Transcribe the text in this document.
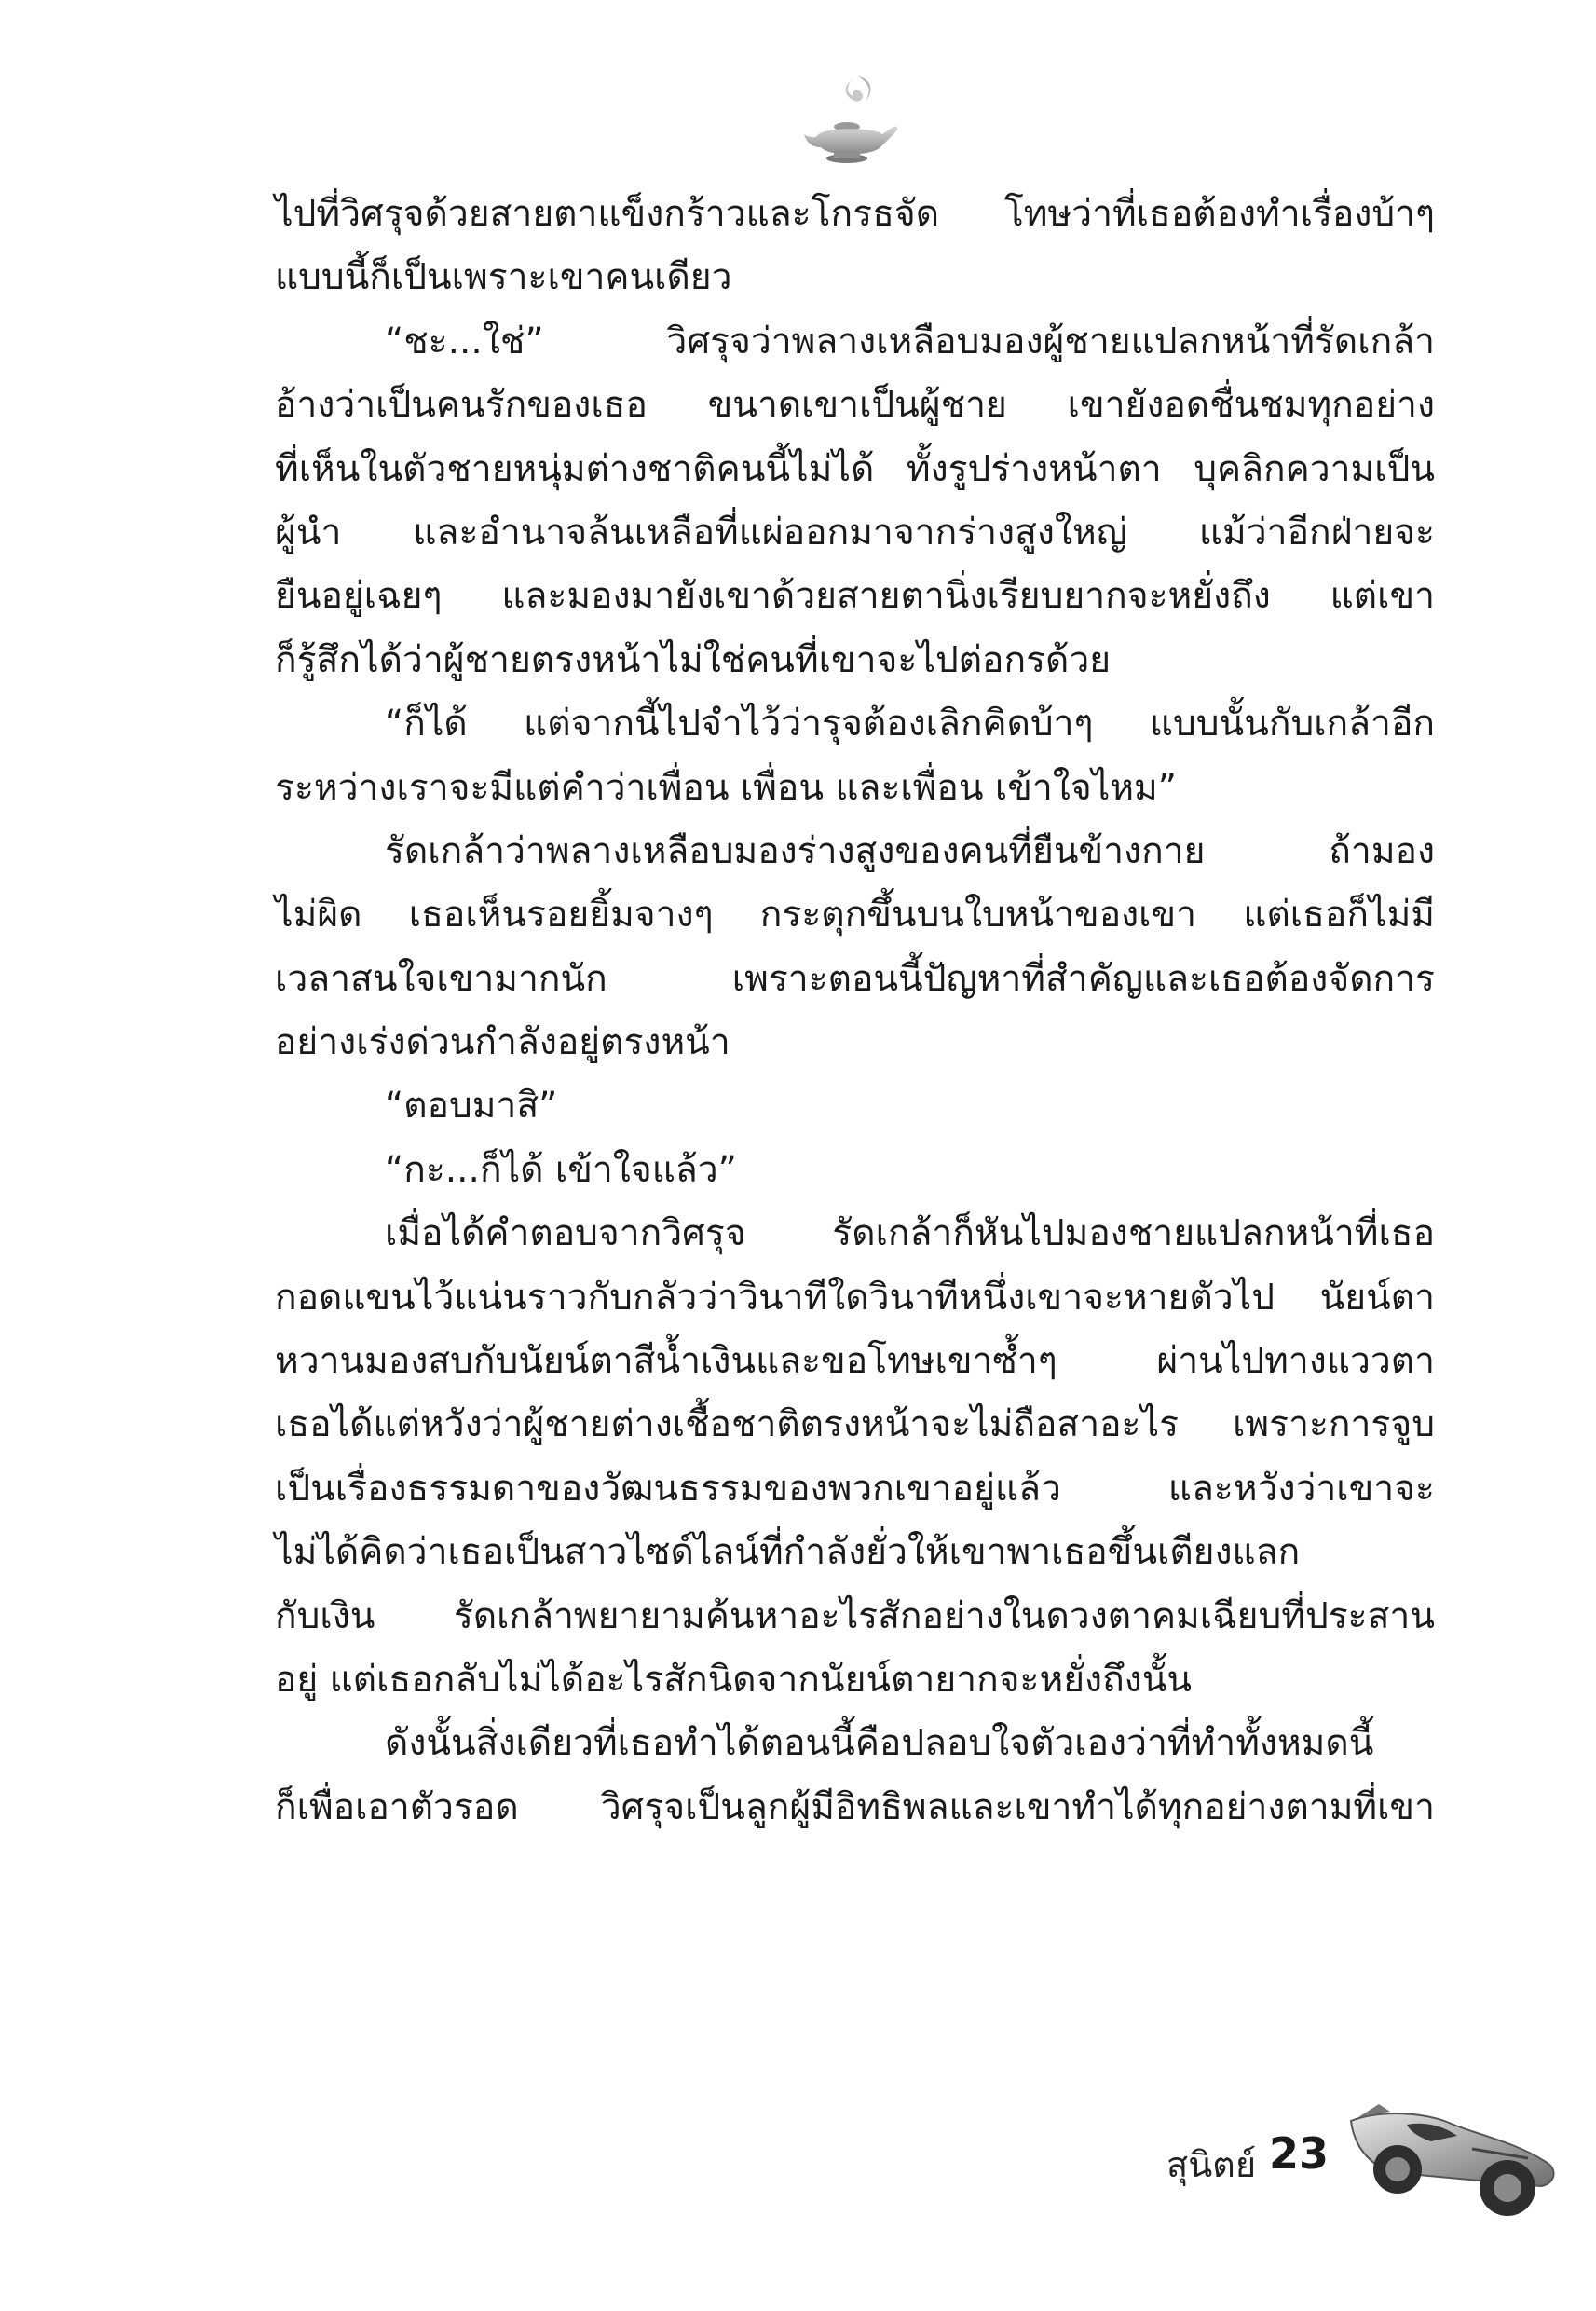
ไปที่วิศรุจด้วยสายตาแข็งกร้าวและโกรธจัด โทษว่าที่เธอต้องทำเรื่องบ้าๆ
แบบนี้ก็เป็นเพราะเขาคนเดียว
“ชะ...ใช่” วิศรุจว่าพลางเหลือบมองผู้ชายแปลกหน้าที่รัดเกล้า
อ้างว่าเป็นคนรักของเธอ ขนาดเขาเป็นผู้ชาย เขายังอดชื่นชมทุกอย่าง
ที่เห็นในตัวชายหนุ่มต่างชาติคนนี้ไม่ได้ ทั้งรูปร่างหน้าตา บุคลิกความเป็น
ผู้นำ และอำนาจล้นเหลือที่แผ่ออกมาจากร่างสูงใหญ่ แม้ว่าอีกฝ่ายจะ
ยืนอยู่เฉยๆ และมองมายังเขาด้วยสายตานิ่งเรียบยากจะหยั่งถึง แต่เขา
ก็รู้สึกได้ว่าผู้ชายตรงหน้าไม่ใช่คนที่เขาจะไปต่อกรด้วย
“ก็ได้ แต่จากนี้ไปจำไว้ว่ารุจต้องเลิกคิดบ้าๆ แบบนั้นกับเกล้าอีก
ระหว่างเราจะมีแต่คำว่าเพื่อน เพื่อน และเพื่อน เข้าใจไหม”
รัดเกล้าว่าพลางเหลือบมองร่างสูงของคนที่ยืนข้างกาย ถ้ามอง
ไม่ผิด เธอเห็นรอยยิ้มจางๆ กระตุกขึ้นบนใบหน้าของเขา แต่เธอก็ไม่มี
เวลาสนใจเขามากนัก เพราะตอนนี้ปัญหาที่สำคัญและเธอต้องจัดการ
อย่างเร่งด่วนกำลังอยู่ตรงหน้า
“ตอบมาสิ”
“กะ...ก็ได้ เข้าใจแล้ว”
เมื่อได้คำตอบจากวิศรุจ รัดเกล้าก็หันไปมองชายแปลกหน้าที่เธอ
กอดแขนไว้แน่นราวกับกลัวว่าวินาทีใดวินาทีหนึ่งเขาจะหายตัวไป นัยน์ตา
หวานมองสบกับนัยน์ตาสีน้ำเงินและขอโทษเขาซ้ำๆ ผ่านไปทางแววตา
เธอได้แต่หวังว่าผู้ชายต่างเชื้อชาติตรงหน้าจะไม่ถือสาอะไร เพราะการจูบ
เป็นเรื่องธรรมดาของวัฒนธรรมของพวกเขาอยู่แล้ว และหวังว่าเขาจะ
ไม่ได้คิดว่าเธอเป็นสาวไซด์ไลน์ที่กำลังยั่วให้เขาพาเธอขึ้นเตียงแลก
กับเงิน รัดเกล้าพยายามค้นหาอะไรสักอย่างในดวงตาคมเฉียบที่ประสาน
อยู่ แต่เธอกลับไม่ได้อะไรสักนิดจากนัยน์ตายากจะหยั่งถึงนั้น
ดังนั้นสิ่งเดียวที่เธอทำได้ตอนนี้คือปลอบใจตัวเองว่าที่ทำทั้งหมดนี้
ก็เพื่อเอาตัวรอด วิศรุจเป็นลูกผู้มีอิทธิพลและเขาทำได้ทุกอย่างตามที่เขา
สุนิตย์ 23
